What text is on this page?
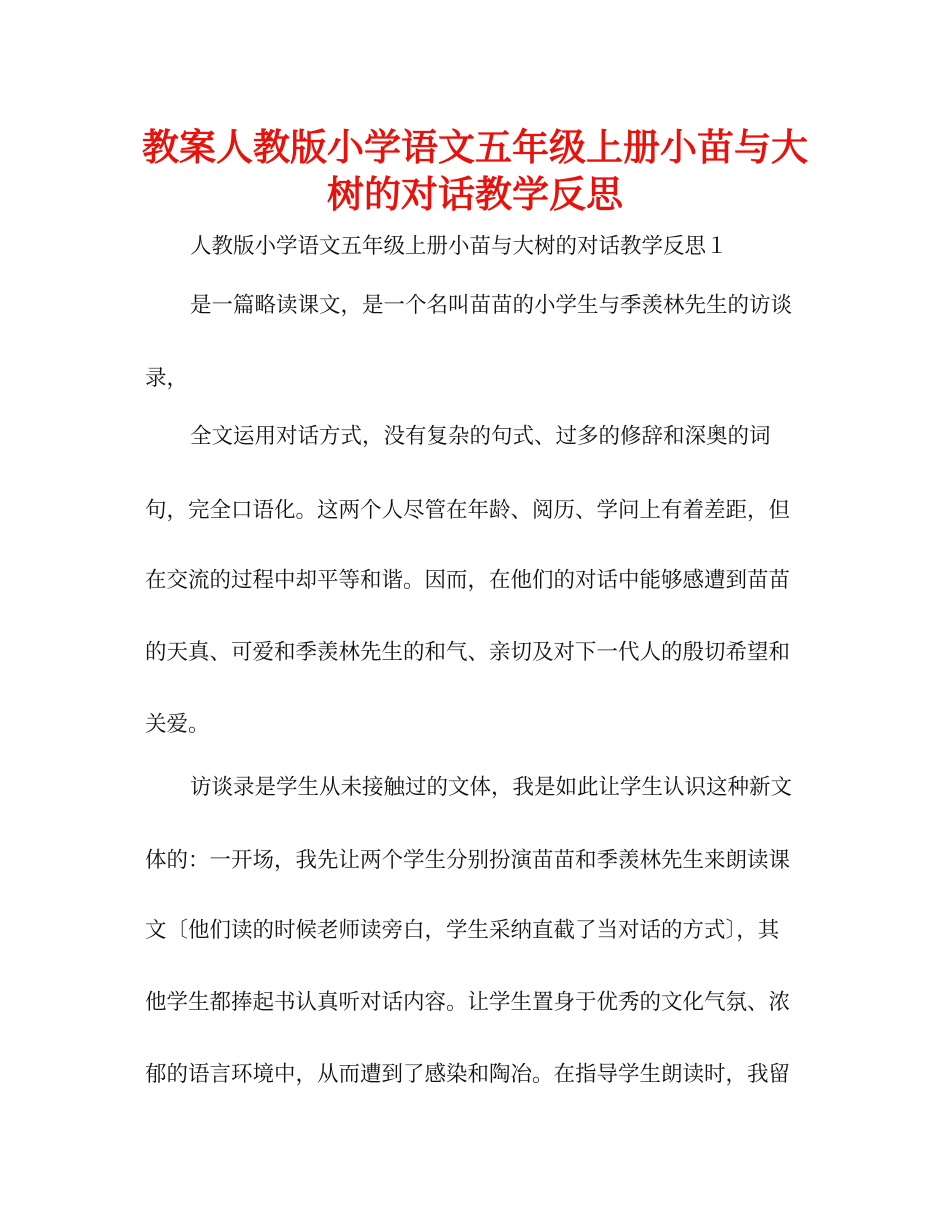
教案人教版小学语文五年级上册小苗与大
树的对话教学反思

人教版小学语文五年级上册小苗与大树的对话教学反思１

是一篇略读课文，是一个名叫苗苗的小学生与季羡林先生的访谈

录，

全文运用对话方式，没有复杂的句式、过多的修辞和深奥的词

句，完全口语化。这两个人尽管在年龄、阅历、学问上有着差距，但

在交流的过程中却平等和谐。因而，在他们的对话中能够感遭到苗苗

的天真、可爱和季羡林先生的和气、亲切及对下一代人的殷切希望和

关爱。

访谈录是学生从未接触过的文体，我是如此让学生认识这种新文

体的：一开场，我先让两个学生分别扮演苗苗和季羡林先生来朗读课

文〔他们读的时候老师读旁白，学生采纳直截了当对话的方式〕，其

他学生都捧起书认真听对话内容。让学生置身于优秀的文化气氛、浓

郁的语言环境中，从而遭到了感染和陶冶。在指导学生朗读时，我留
